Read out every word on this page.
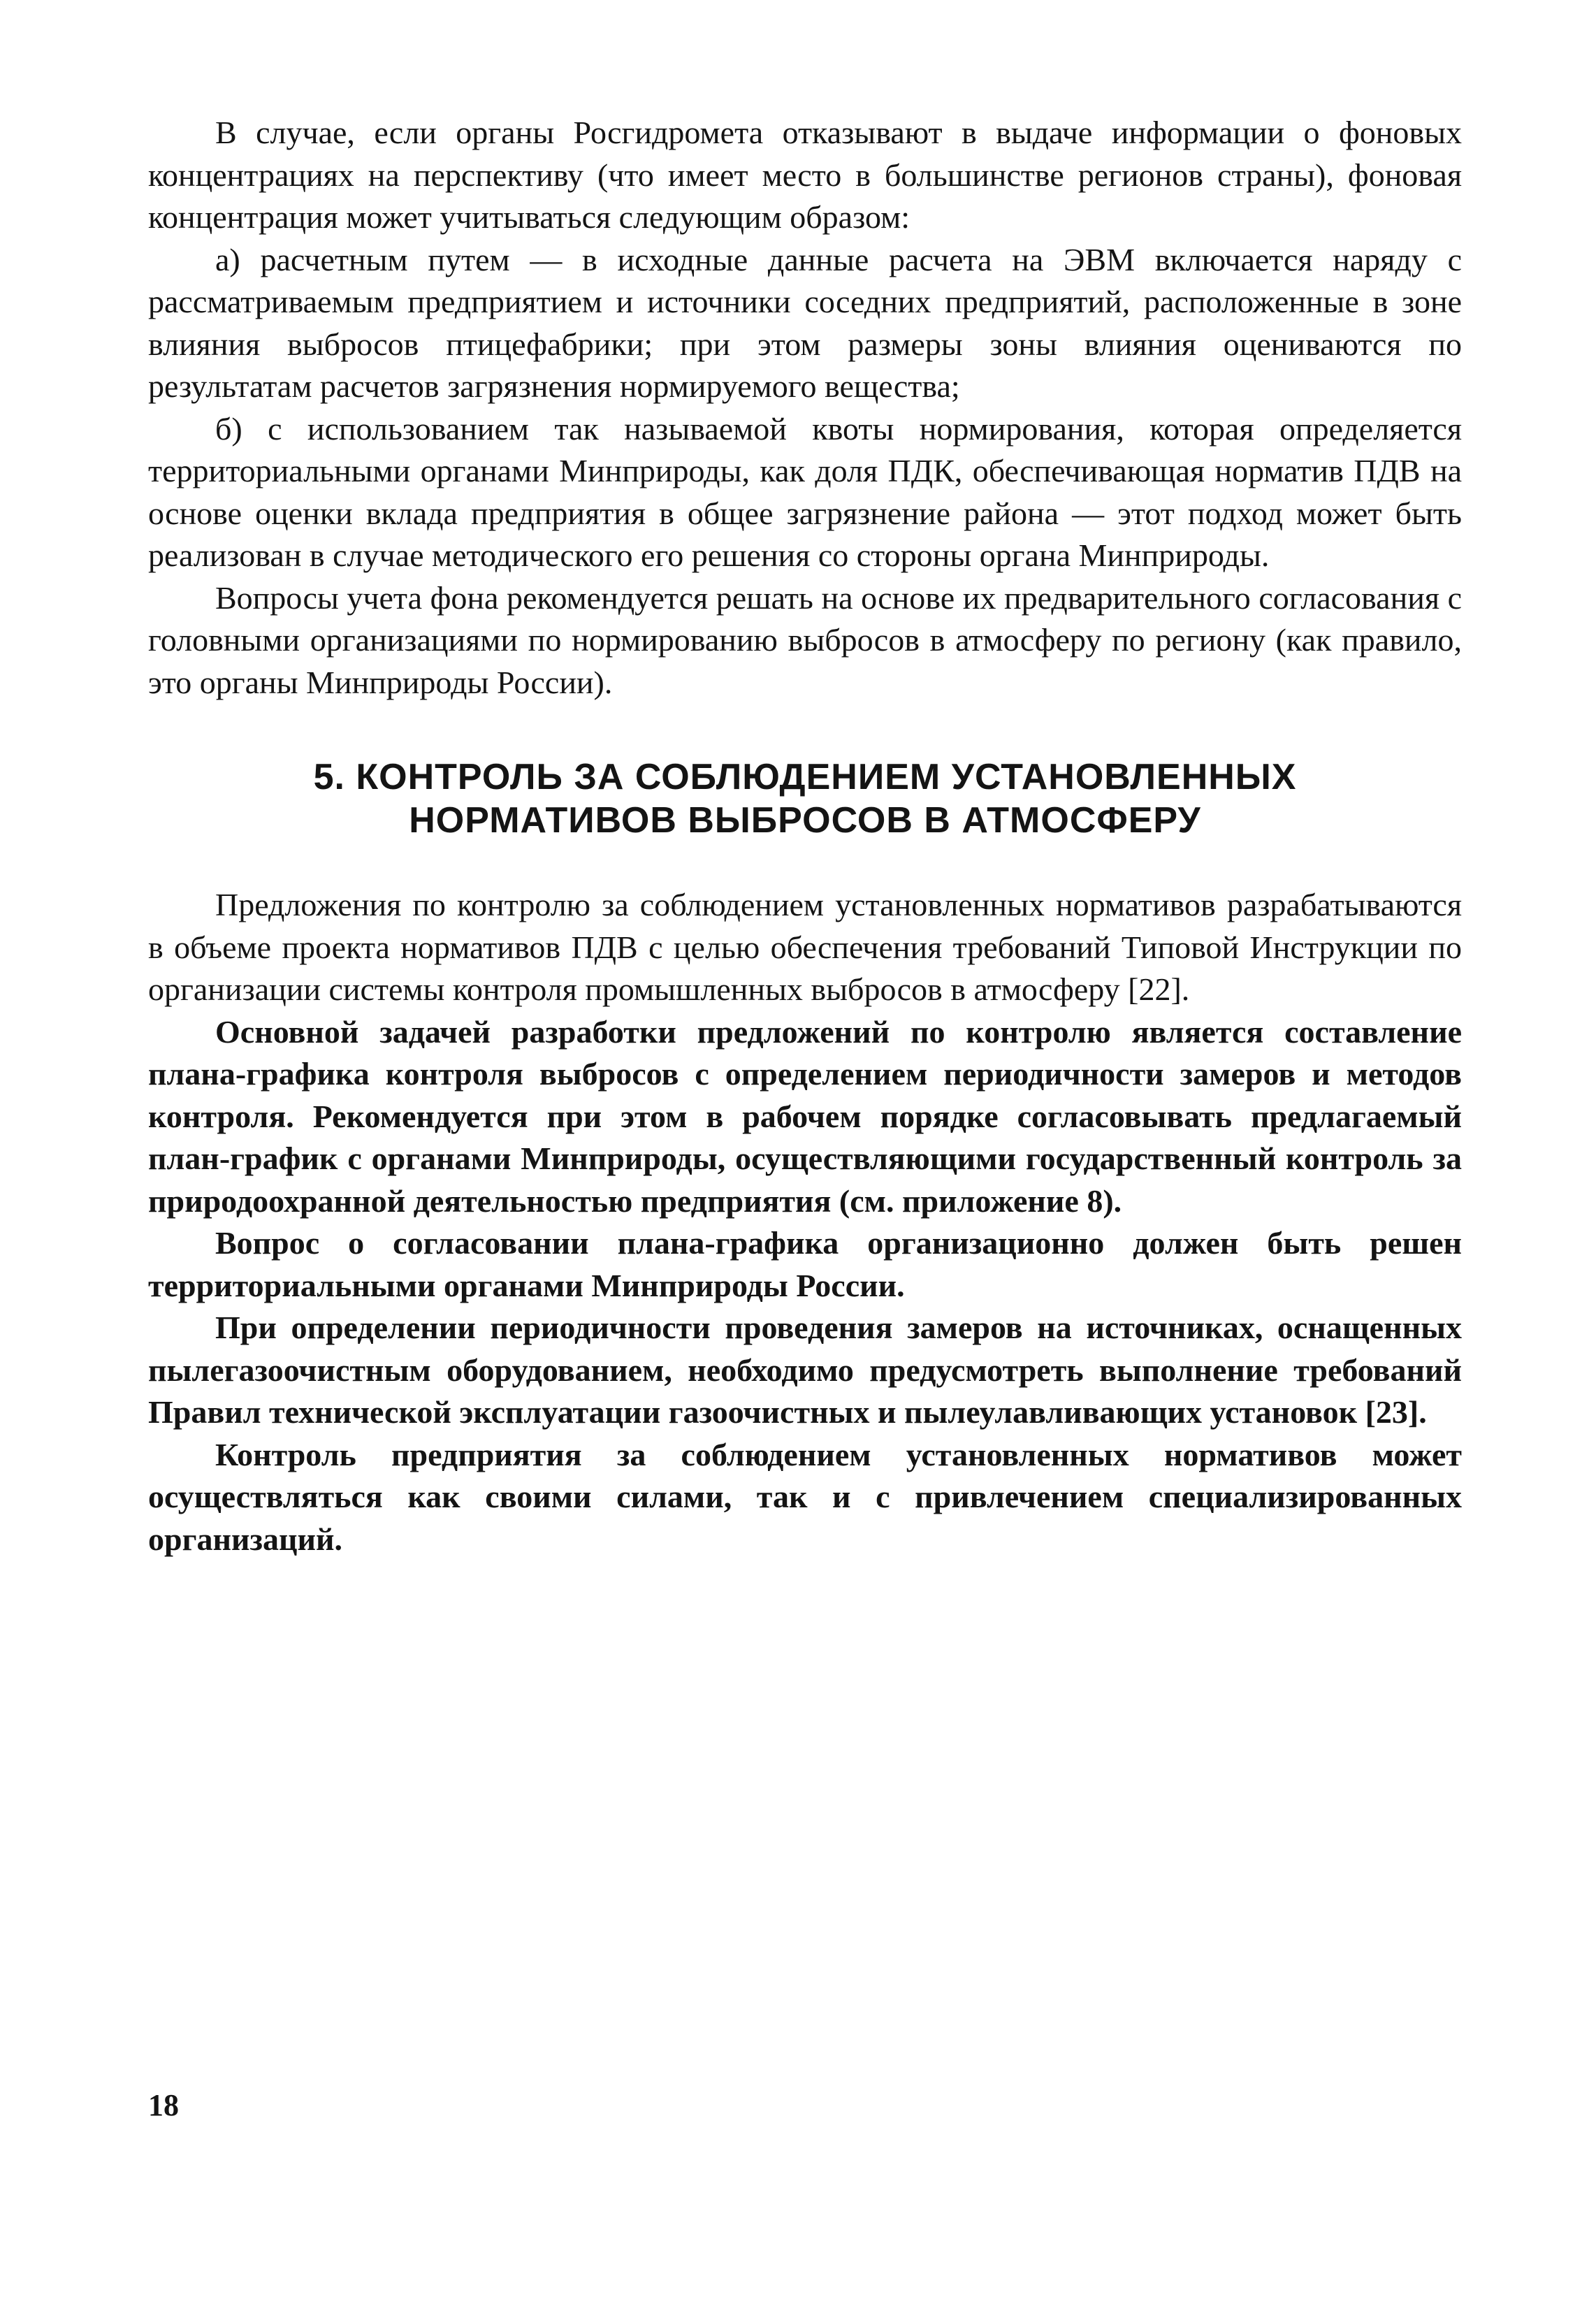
В случае, если органы Росгидромета отказывают в выдаче информации о фоновых концентрациях на перспективу (что имеет место в большинстве регионов страны), фоновая концентрация может учитываться следующим образом:

а) расчетным путем — в исходные данные расчета на ЭВМ включается наряду с рассматриваемым предприятием и источники соседних предприятий, расположенные в зоне влияния выбросов птицефабрики; при этом размеры зоны влияния оцениваются по результатам расчетов загрязнения нормируемого вещества;

б) с использованием так называемой квоты нормирования, которая определяется территориальными органами Минприроды, как доля ПДК, обеспечивающая норматив ПДВ на основе оценки вклада предприятия в общее загрязнение района — этот подход может быть реализован в случае методического его решения со стороны органа Минприроды.

Вопросы учета фона рекомендуется решать на основе их предварительного согласования с головными организациями по нормированию выбросов в атмосферу по региону (как правило, это органы Минприроды России).

5. КОНТРОЛЬ ЗА СОБЛЮДЕНИЕМ УСТАНОВЛЕННЫХ
НОРМАТИВОВ ВЫБРОСОВ В АТМОСФЕРУ

Предложения по контролю за соблюдением установленных нормативов разрабатываются в объеме проекта нормативов ПДВ с целью обеспечения требований Типовой Инструкции по организации системы контроля промышленных выбросов в атмосферу [22].

Основной задачей разработки предложений по контролю является составление плана-графика контроля выбросов с определением периодичности замеров и методов контроля. Рекомендуется при этом в рабочем порядке согласовывать предлагаемый план-график с органами Минприроды, осуществляющими государственный контроль за природоохранной деятельностью предприятия (см. приложение 8).

Вопрос о согласовании плана-графика организационно должен быть решен территориальными органами Минприроды России.

При определении периодичности проведения замеров на источниках, оснащенных пылегазоочистным оборудованием, необходимо предусмотреть выполнение требований Правил технической эксплуатации газоочистных и пылеулавливающих установок [23].

Контроль предприятия за соблюдением установленных нормативов может осуществляться как своими силами, так и с привлечением специализированных организаций.

18
